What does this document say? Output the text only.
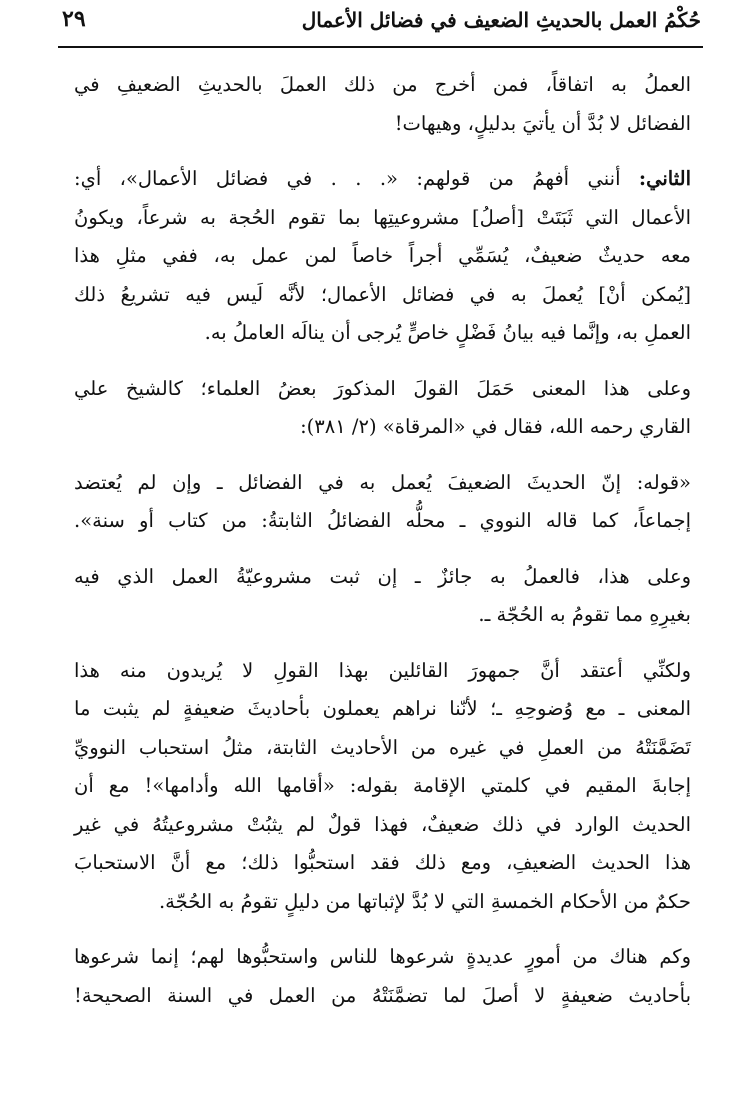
حُكْمُ العمل بالحديثِ الضعيف في فضائل الأعمال
٢٩

العملُ به اتفاقاً، فمن أخرج من ذلك العملَ بالحديثِ الضعيفِ في
الفضائل لا بُدَّ أن يأتيَ بدليلٍ، وهيهات!

الثاني: أنني أفهمُ من قولهم: «. . . في فضائل الأعمال»، أي:
الأعمال التي ثَبَتَتْ [أصلُ] مشروعيتِها بما تقوم الحُجة به شرعاً، ويكونُ
معه حديثٌ ضعيفٌ، يُسَمِّي أجراً خاصاً لمن عمل به، ففي مثلِ هذا
[يُمكن أنْ] يُعملَ به في فضائل الأعمال؛ لأنَّه لَيس فيه تشريعُ ذلك
العملِ به، وإنَّما فيه بيانُ فَضْلٍ خاصٍّ يُرجى أن ينالَه العاملُ به.

وعلى هذا المعنى حَمَلَ القولَ المذكورَ بعضُ العلماء؛ كالشيخ علي
القاري رحمه الله، فقال في «المرقاة» (٢/ ٣٨١):

«قوله: إنّ الحديثَ الضعيفَ يُعمل به في الفضائل ـ وإن لم يُعتضد
إجماعاً، كما قاله النووي ـ محلُّه الفضائلُ الثابتةُ: من كتاب أو سنة».

وعلى هذا، فالعملُ به جائزٌ ـ إن ثبت مشروعيّةُ العمل الذي فيه
بغيرِهِ مما تقومُ به الحُجّة ـ.

ولكنِّي أعتقد أنَّ جمهورَ القائلين بهذا القولِ لا يُريدون منه هذا
المعنى ـ مع وُضوحِهِ ـ؛ لأنّنا نراهم يعملون بأحاديثَ ضعيفةٍ لم يثبت ما
تَضَمَّنَتْهُ من العملِ في غيره من الأحاديث الثابتة، مثلُ استحباب النوويِّ
إجابةَ المقيم في كلمتي الإقامة بقوله: «أقامها الله وأدامها»! مع أن
الحديث الوارد في ذلك ضعيفٌ، فهذا قولٌ لم يثبُتْ مشروعيتُهُ في غير
هذا الحديث الضعيفِ، ومع ذلك فقد استحبُّوا ذلك؛ مع أنَّ الاستحبابَ
حكمٌ من الأحكام الخمسةِ التي لا بُدَّ لإثباتها من دليلٍ تقومُ به الحُجّة.

وكم هناك من أمورٍ عديدةٍ شرعوها للناس واستحبُّوها لهم؛ إنما شرعوها
بأحاديث ضعيفةٍ لا أصلَ لما تضمَّنَتْهُ من العمل في السنة الصحيحة!
